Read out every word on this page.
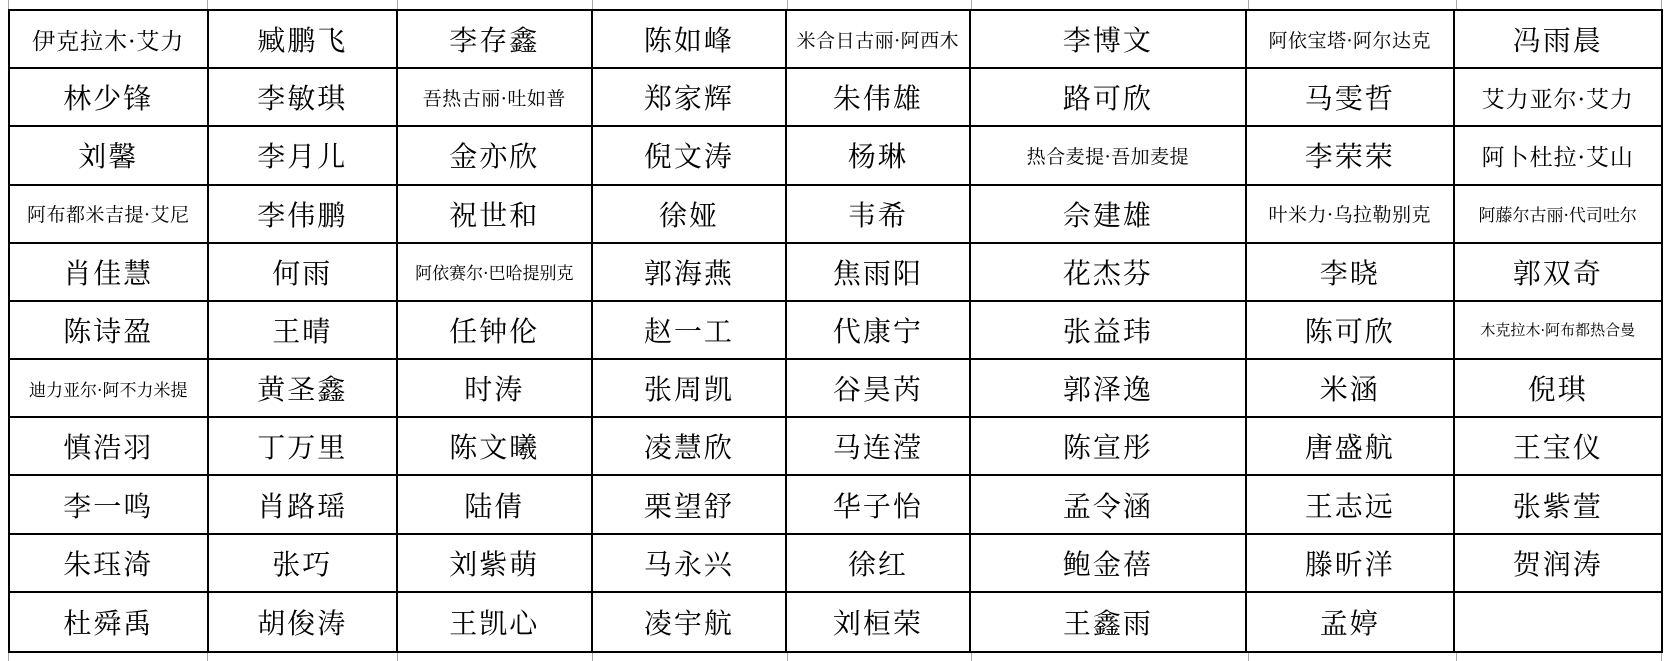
伊克拉木·艾力	臧鹏飞	李存鑫	陈如峰	米合日古丽·阿西木	李博文	阿依宝塔·阿尔达克	冯雨晨
林少锋	李敏琪	吾热古丽·吐如普	郑家辉	朱伟雄	路可欣	马雯哲	艾力亚尔·艾力
刘馨	李月儿	金亦欣	倪文涛	杨琳	热合麦提·吾加麦提	李荣荣	阿卜杜拉·艾山
阿布都米吉提·艾尼	李伟鹏	祝世和	徐娅	韦希	佘建雄	叶米力·乌拉勒别克	阿藤尔古丽·代司吐尔
肖佳慧	何雨	阿依赛尔·巴哈提别克	郭海燕	焦雨阳	花杰芬	李晓	郭双奇
陈诗盈	王晴	任钟伦	赵一工	代康宁	张益玮	陈可欣	木克拉木·阿布都热合曼
迪力亚尔·阿不力米提	黄圣鑫	时涛	张周凯	谷昊芮	郭泽逸	米涵	倪琪
慎浩羽	丁万里	陈文曦	凌慧欣	马连滢	陈宣彤	唐盛航	王宝仪
李一鸣	肖路瑶	陆倩	栗望舒	华子怡	孟令涵	王志远	张紫萱
朱珏渏	张巧	刘紫萌	马永兴	徐红	鲍金蓓	滕昕洋	贺润涛
杜舜禹	胡俊涛	王凯心	凌宇航	刘桓荣	王鑫雨	孟婷
